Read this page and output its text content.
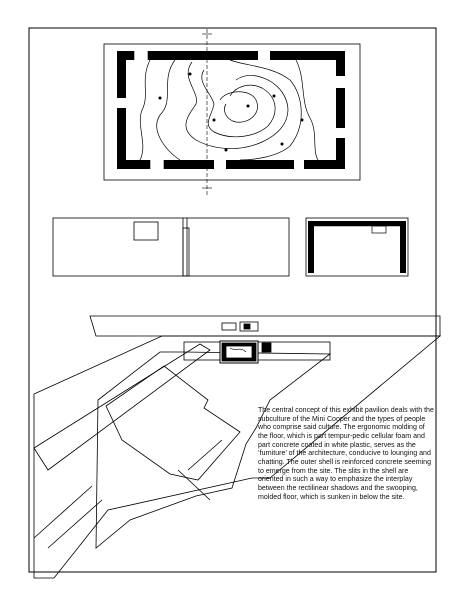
The central concept of this exhibit pavilion deals with the subculture of the Mini Cooper and the types of people who comprise said culture. The ergonomic molding of the floor, which is part tempur-pedic cellular foam and part concrete coated in white plastic, serves as the ‘furniture’ of the architecture, conducive to lounging and chatting. The outer shell is reinforced concrete seeming to emerge from the site. The slits in the shell are oriented in such a way to emphasize the interplay between the rectilinear shadows and the swooping, molded floor, which is sunken in below the site.
